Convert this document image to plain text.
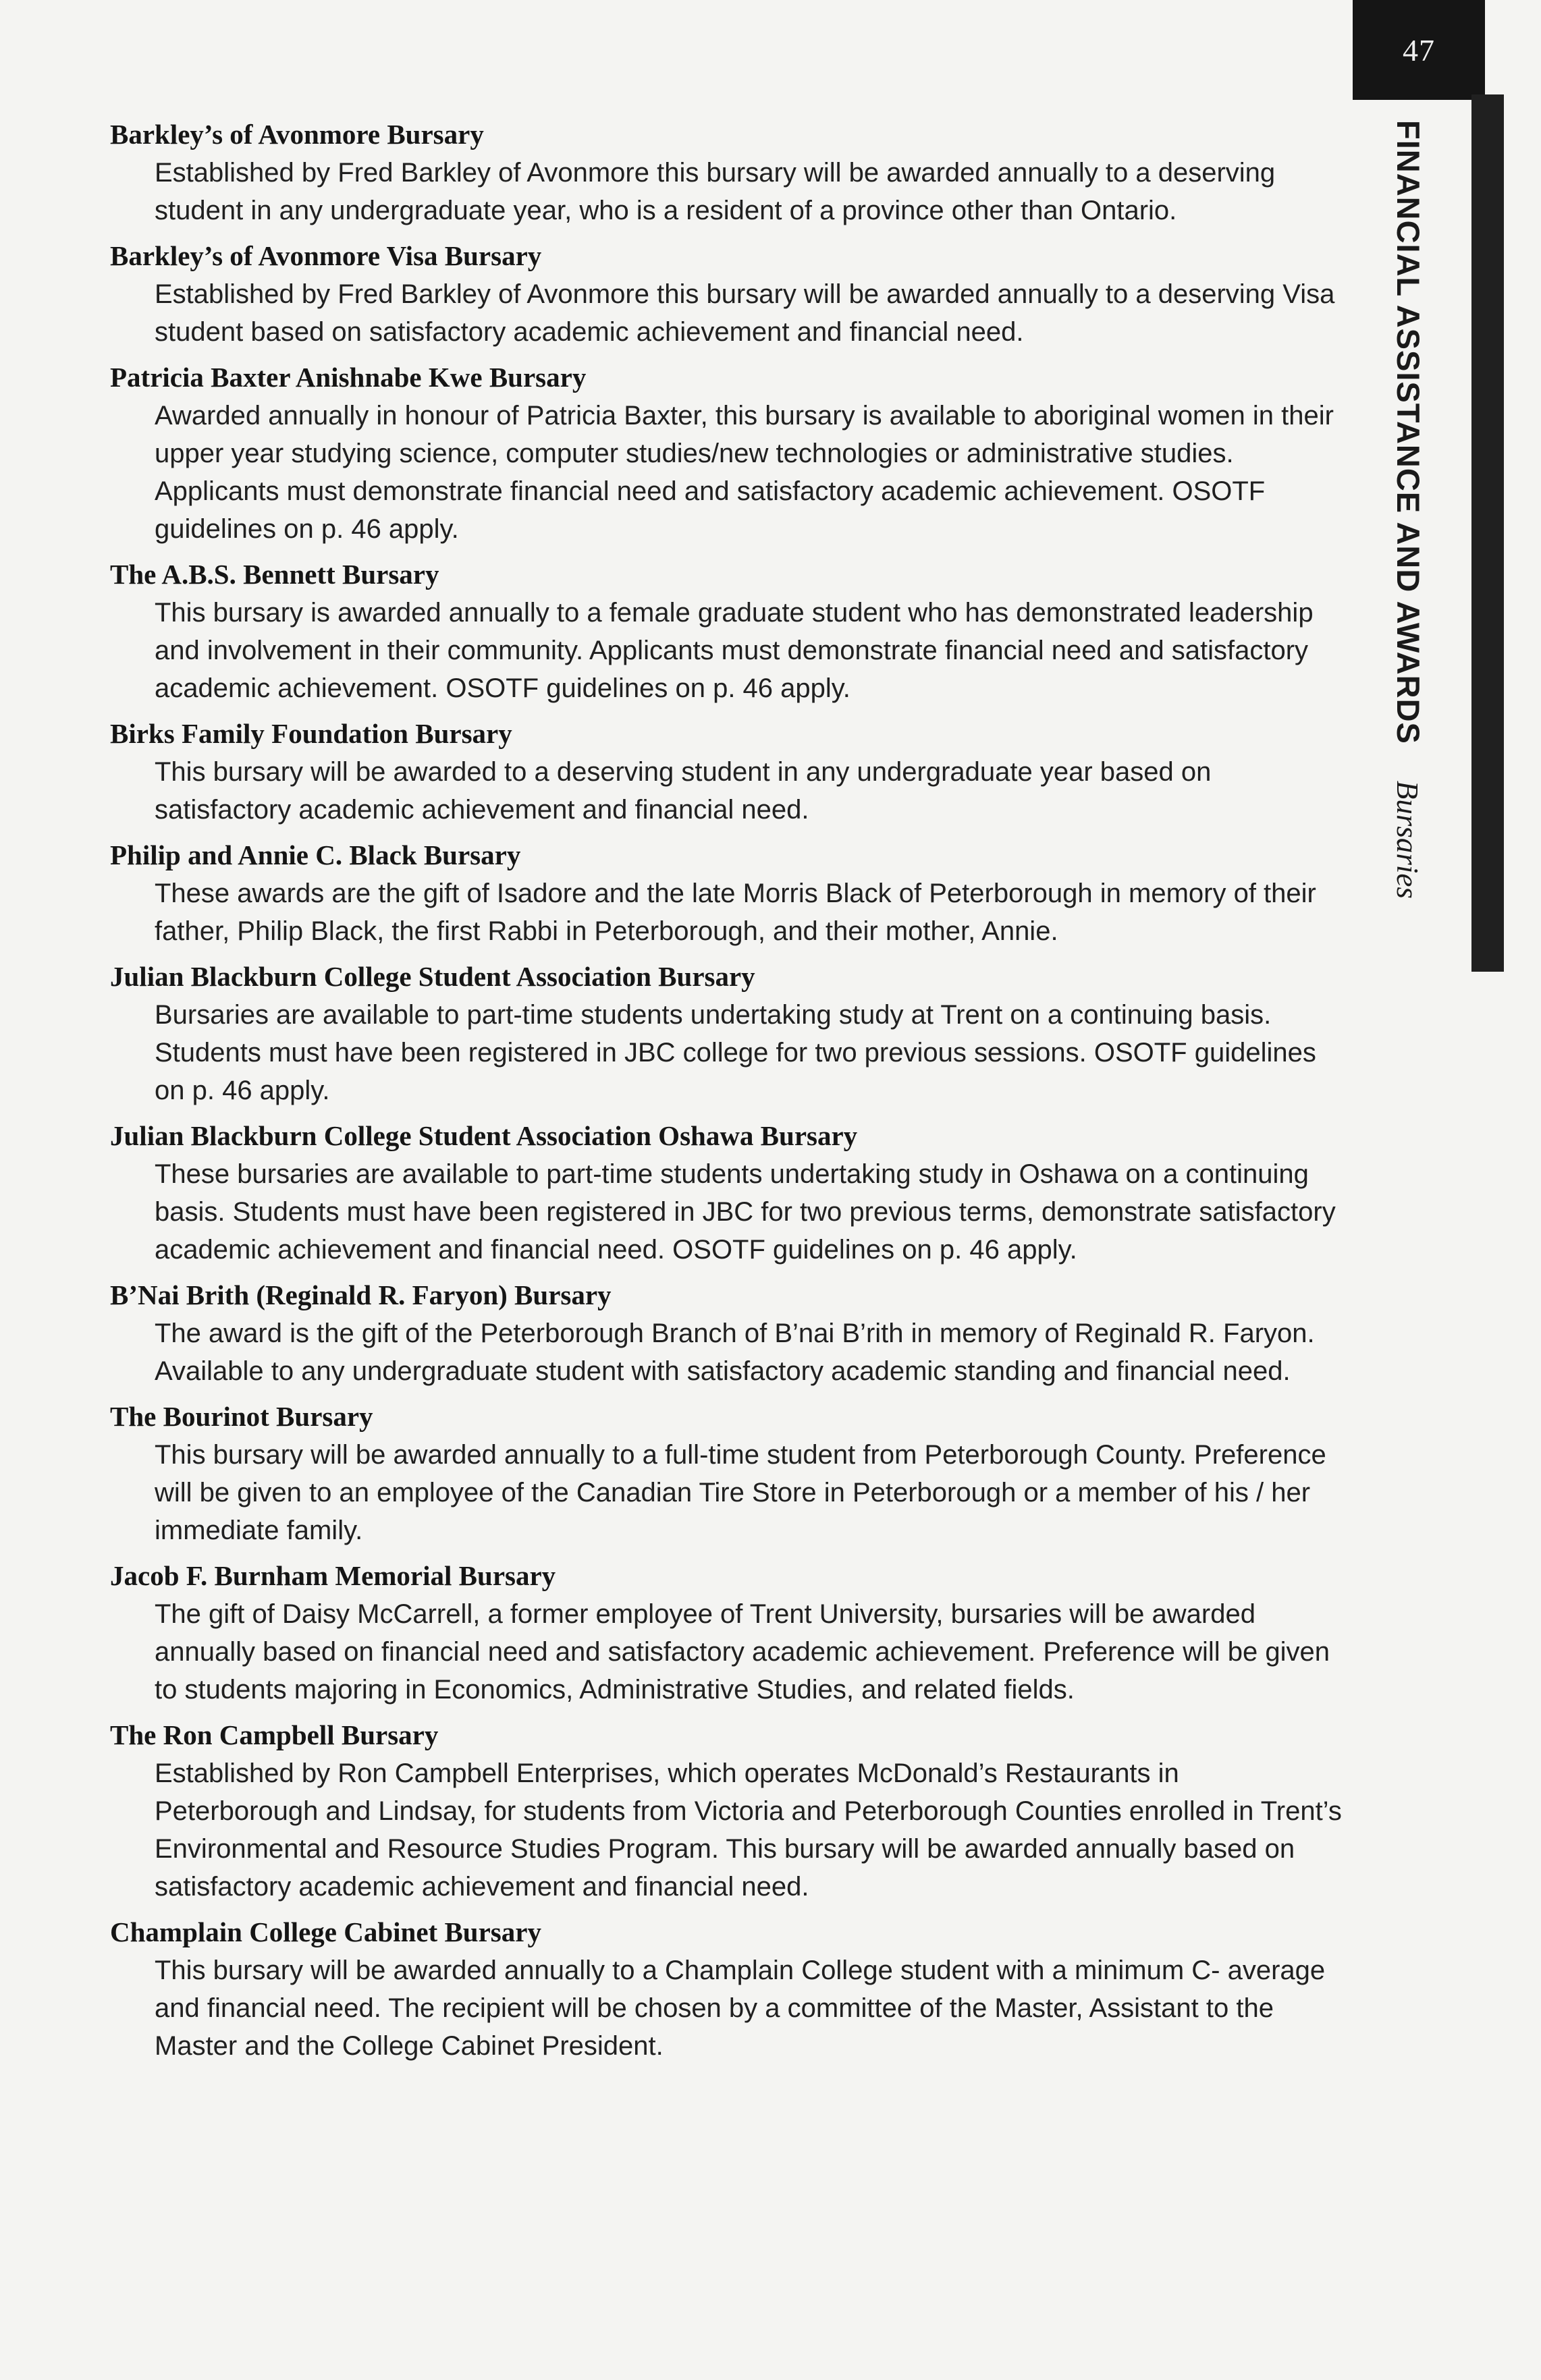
47
FINANCIAL ASSISTANCE AND AWARDS
Bursaries
Barkley’s of Avonmore Bursary
Established by Fred Barkley of Avonmore this bursary will be awarded annually to a deserving student in any undergraduate year, who is a resident of a province other than Ontario.
Barkley’s of Avonmore Visa Bursary
Established by Fred Barkley of Avonmore this bursary will be awarded annually to a deserving Visa student based on satisfactory academic achievement and financial need.
Patricia Baxter Anishnabe Kwe Bursary
Awarded annually in honour of Patricia Baxter, this bursary is available to aboriginal women in their upper year studying science, computer studies/new technologies or administrative studies. Applicants must demonstrate financial need and satisfactory academic achievement. OSOTF guidelines on p. 46 apply.
The A.B.S. Bennett Bursary
This bursary is awarded annually to a female graduate student who has demonstrated leadership and involvement in their community. Applicants must demonstrate financial need and satisfactory academic achievement. OSOTF guidelines on p. 46 apply.
Birks Family Foundation Bursary
This bursary will be awarded to a deserving student in any undergraduate year based on satisfactory academic achievement and financial need.
Philip and Annie C. Black Bursary
These awards are the gift of Isadore and the late Morris Black of Peterborough in memory of their father, Philip Black, the first Rabbi in Peterborough, and their mother, Annie.
Julian Blackburn College Student Association Bursary
Bursaries are available to part-time students undertaking study at Trent on a continuing basis. Students must have been registered in JBC college for two previous sessions. OSOTF guidelines on p. 46 apply.
Julian Blackburn College Student Association Oshawa Bursary
These bursaries are available to part-time students undertaking study in Oshawa on a continuing basis. Students must have been registered in JBC for two previous terms, demonstrate satisfactory academic achievement and financial need. OSOTF guidelines on p. 46 apply.
B’Nai Brith (Reginald R. Faryon) Bursary
The award is the gift of the Peterborough Branch of B’nai B’rith in memory of Reginald R. Faryon. Available to any undergraduate student with satisfactory academic standing and financial need.
The Bourinot Bursary
This bursary will be awarded annually to a full-time student from Peterborough County. Preference will be given to an employee of the Canadian Tire Store in Peterborough or a member of his / her immediate family.
Jacob F. Burnham Memorial Bursary
The gift of Daisy McCarrell, a former employee of Trent University, bursaries will be awarded annually based on financial need and satisfactory academic achievement. Preference will be given to students majoring in Economics, Administrative Studies, and related fields.
The Ron Campbell Bursary
Established by Ron Campbell Enterprises, which operates McDonald’s Restaurants in Peterborough and Lindsay, for students from Victoria and Peterborough Counties enrolled in Trent’s Environmental and Resource Studies Program. This bursary will be awarded annually based on satisfactory academic achievement and financial need.
Champlain College Cabinet Bursary
This bursary will be awarded annually to a Champlain College student with a minimum C- average and financial need. The recipient will be chosen by a committee of the Master, Assistant to the Master and the College Cabinet President.
